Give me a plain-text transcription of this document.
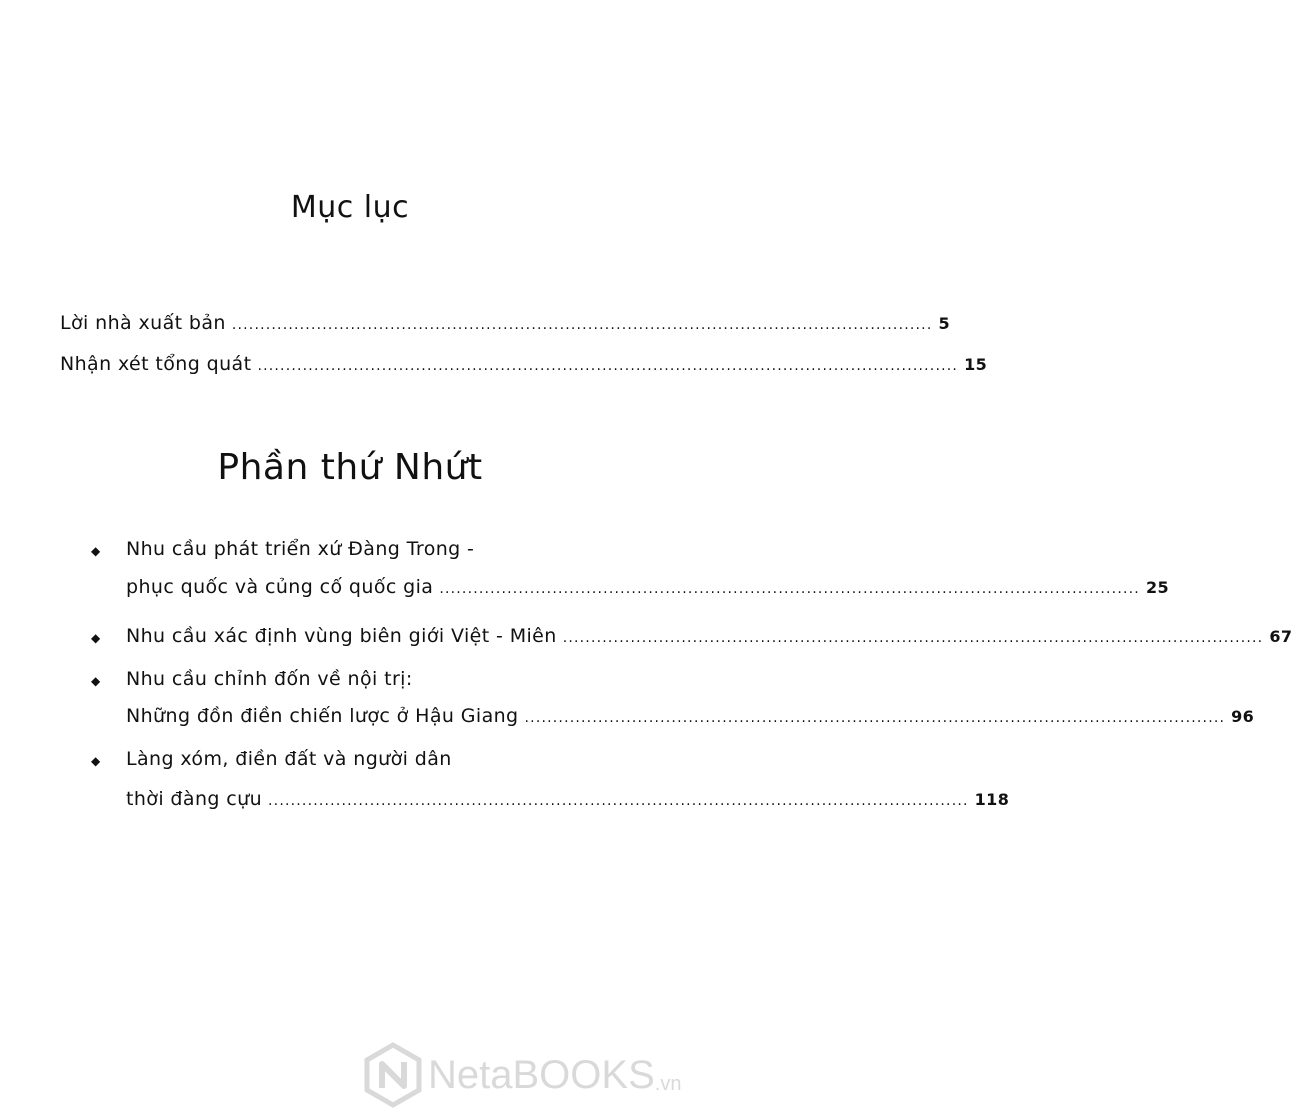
Mục lục
Lời nhà xuất bản ............................................................................................................................ 5
Nhận xét tổng quát ............................................................................................................................ 15
Phần thứ Nhứt
◆ Nhu cầu phát triển xứ Đàng Trong -
phục quốc và củng cố quốc gia ............................................................................................................................ 25
◆ Nhu cầu xác định vùng biên giới Việt - Miên ............................................................................................................................ 67
◆ Nhu cầu chỉnh đốn về nội trị:
Những đồn điền chiến lược ở Hậu Giang ............................................................................................................................ 96
◆ Làng xóm, điền đất và người dân
thời đàng cựu ............................................................................................................................ 118
NetaBOOKS .vn
